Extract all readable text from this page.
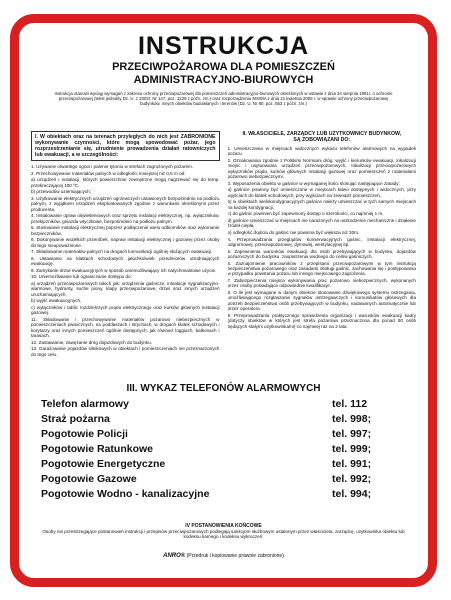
INSTRUKCJA
PRZECIWPOŻAROWA DLA POMIESZCZEŃ
ADMINISTRACYJNO-BIUROWYCH
Instrukcja stanowi wyciąg wymagań z zakresu ochrony przeciwpożarowej dla pomieszczeń administracyjno-biurowych określonych w ustawie z dnia 24 sierpnia 1991r. o ochronie przeciwpożarowej (tekst jednolity Dz. U. z 2002r. Nr 147, poz. 1229 z późn. zm.) oraz rozporządzeniu MSWiA z dnia 21 kwietnia 2006 r. w sprawie ochrony przeciwpożarowej budynków, innych obiektów budowlanych i terenów (Dz. U. Nr 80, poz. 563 z późn. zm.)
I. W obiektach oraz na terenach przyległych do nich jest ZABRONIONE wykonywanie czynności, które mogą spowodować pożar, jego rozprzestrzenianie się, utrudnienie prowadzenia działań ratowniczych lub ewakuacji, a w szczególności:

1. Używanie otwartego ognia i palenie tytoniu w strefach zagrożonych pożarem.

2. Przechowywanie materiałów palnych w odległości mniejszej niż 0,5 m od:

a) urządzeń i instalacji, których powierzchnie zewnętrzne mogą nagrzewać się do temp. przekraczającej 100 ºC,

b) przewodów uziemiających;

3. Użytkowanie elektrycznych urządzeń ogrzewczych ustawionych bezpośrednio na podłożu palnym, z wyjątkiem urządzeń eksploatowanych zgodnie z warunkami określonymi przez producenta.

4. Instalowanie opraw oświetleniowych oraz sprzętu instalacji elektrycznej, np. wyłączników, przełączników, gniazda wtyczkowe, bezpośrednio na podłożu palnym.

5. Stosowanie instalacji elektrycznej poprzez podłączenie wielu odbiorników oraz wykonanie bezpieczników.

6. Dokonywanie wszelkich przeróbek, napraw instalacji elektrycznej i gazowej przez osoby do tego nieupoważnione.

7. Składowanie materiałów palnych na drogach komunikacji ogólnej służących ewakuacji.

8. Ustawianie na klatkach schodowych jakichkolwiek przedmiotów utrudniających ewakuację.

9. Zamykanie drzwi ewakuacyjnych w sposób uniemożliwiający ich natychmiastowe użycie.

10. Uniemożliwianie lub ograniczanie dostępu do:

a) urządzeń przeciwpożarowych takich jak: urządzenia gaśnicze, instalacje sygnalizacyjno-alarmowe, hydranty, suche piony, klapy przeciwpożarowe, drzwi oraz innych urządzeń uruchamiających,

b) wyjść ewakuacyjnych,

c) wyłączników i tablic rozdzielczych prądu elektrycznego oraz kurków głównych instalacji gazowej.

11. Składowanie i przechowywanie materiałów pożarowo niebezpiecznych w pomieszczeniach piwnicznych, na poddaszach i strychach, w drogach klatek schodowych i korytarzy oraz innych pomieszczeń ogólnie dostępnych, jak również loggiach, balkonach i tarasach.

12. Zastawianie, zawężanie dróg dojazdowych do budynku.

13. Garażowanie pojazdów silnikowych w obiektach i pomieszczeniach nie przeznaczonych do tego celu.

II. WŁAŚCICIELE, ZARZĄDCY LUB UŻYTKOWNICY BUDYNKÓW,
SĄ ZOBOWIĄZANI DO:

1. Umieszczania w miejscach widocznych wykazu telefonów alarmowych na wypadek pożaru.

2. Oznakowania zgodnie z Polskimi Normami dróg, wyjść i kierunków ewakuacji, lokalizacji miejsc i usytuowania urządzeń przeciwpożarowych, lokalizacji przeciwpożarowych wyłączników prądu, kurków głównych instalacji gazowej oraz pomieszczeń z materiałami pożarowo niebezpiecznymi.

3. Wyposażenia obiektu w gaśnice w wymaganej ilości stosując następujące zasady:

a) gaśnice powinny być umieszczone w miejscach łatwo dostępnych i widocznych, przy wyjściach do klatek schodowych, przy wyjściach na zewnątrz pomieszczeń,

b) w obiektach wielokondygnacyjnych gaśnice należy umieszczać w tych samych miejscach na każdej kondygnacji,

c) do gaśnic powinien być zapewniony dostęp o szerokości, co najmniej 1 m,

d) gaśnice umieszczać w miejscach nie narażonych na uszkodzenie mechaniczne i działanie źródeł ciepła,

e) odległość dojścia do gaśnic nie powinna być większa niż 30m.

4. Przeprowadzania przeglądów konserwacyjnych gaśnic, instalacji elektrycznej, odgromowej, przeciwpożarowej, dymowej, wentylacyjnej itp.

5. Zapewnienia warunków ewakuacji dla osób przebywających w budynku, dojazdów pożarniczych do budynku, zaopatrzenia wodnego do celów gaśniczych.

6. Zaznajomienie pracowników z przepisami przeciwpożarowymi w tym instrukcją bezpieczeństwa pożarowego oraz zasadami obsługi gaśnic, zachowania się i postępowania w przypadku powstania pożaru lub innego miejscowego zagrożenia.

7. Zabezpieczenia miejsca wykonywania prac pożarowo niebezpiecznych, wykonanych przez osoby posiadające odpowiednie kwalifikacje.

8. O ile jest wymagane w danym obiekcie stosowanie dźwiękowego systemu ostrzegania, umożliwiającego rozgłaszanie sygnałów ostrzegawczych i komunikatów głosowych dla potrzeb bezpieczeństwa osób przebywających w budynku, nadawanych automatycznie lub przez operatora.

9. Przeprowadzania praktycznego sprawdzenia organizacji i warunków ewakuacji kadry (dotyczy obiektów w których jest strefa pożarowa przeznaczona dla ponad 50 osób będących stałymi użytkownikami) co najmniej raz na 2 lata.

III. WYKAZ TELEFONÓW ALARMOWYCH
Telefon alarmowy	tel. 112
Straż pożarna	tel. 998;
Pogotowie Policji	tel. 997;
Pogotowie Ratunkowe	tel. 999;
Pogotowie Energetyczne	tel. 991;
Pogotowie Gazowe	tel. 992;
Pogotowie Wodno - kanalizacyjne	tel. 994;
IV POSTANOWIENIA KOŃCOWE
Osoby nie przestrzegające postanowień instrukcji i przepisów przeciwpożarowych podlegają sankcjom służbowym ustalonym przez właściciela, zarządcę, użytkownika obiektu lub kodeksu karnego i kodeksu wykroczeń.
ANRO® (Przedruk i kopiowanie prawnie zabronione)
